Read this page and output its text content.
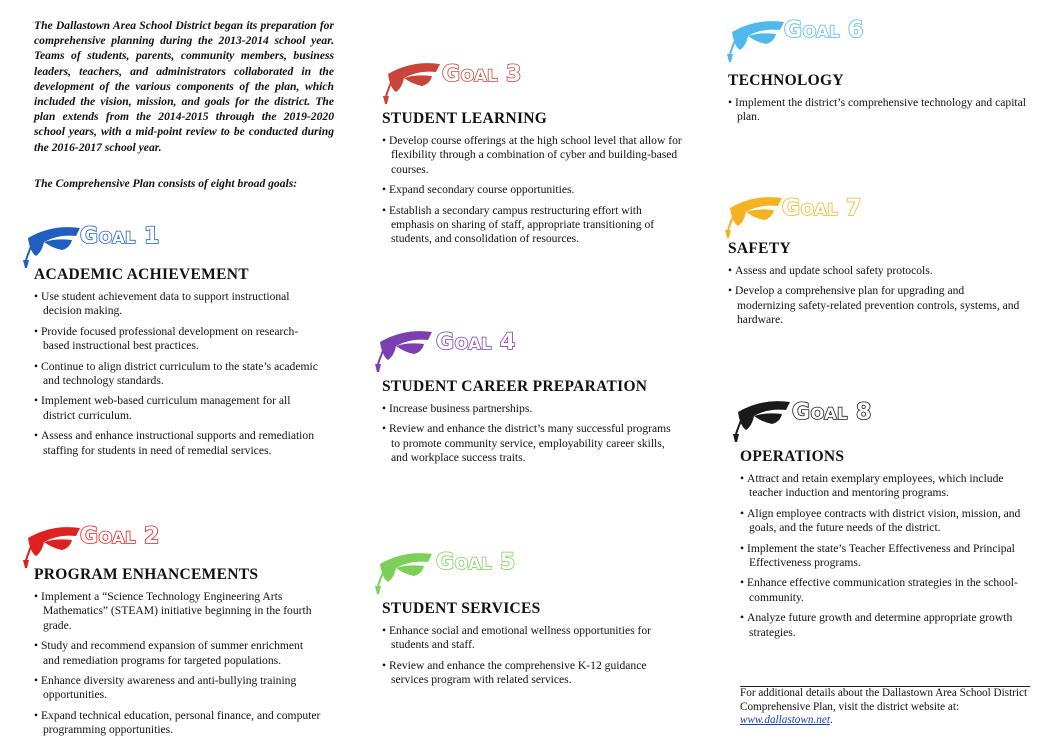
The Dallastown Area School District began its preparation for comprehensive planning during the 2013-2014 school year. Teams of students, parents, community members, business leaders, teachers, and administrators collaborated in the development of the various components of the plan, which included the vision, mission, and goals for the district. The plan extends from the 2014-2015 through the 2019-2020 school years, with a mid-point review to be conducted during the 2016-2017 school year.

The Comprehensive Plan consists of eight broad goals:

GOAL 1
ACADEMIC ACHIEVEMENT
• Use student achievement data to support instructional decision making.
• Provide focused professional development on research-based instructional best practices.
• Continue to align district curriculum to the state’s academic and technology standards.
• Implement web-based curriculum management for all district curriculum.
• Assess and enhance instructional supports and remediation staffing for students in need of remedial services.
GOAL 2
PROGRAM ENHANCEMENTS
• Implement a “Science Technology Engineering Arts Mathematics” (STEAM) initiative beginning in the fourth grade.
• Study and recommend expansion of summer enrichment and remediation programs for targeted populations.
• Enhance diversity awareness and anti-bullying training opportunities.
• Expand technical education, personal finance, and computer programming opportunities.
GOAL 3
STUDENT LEARNING
• Develop course offerings at the high school level that allow for flexibility through a combination of cyber and building-based courses.
• Expand secondary course opportunities.
• Establish a secondary campus restructuring effort with emphasis on sharing of staff, appropriate transitioning of students, and consolidation of resources.
GOAL 4
STUDENT CAREER PREPARATION
• Increase business partnerships.
• Review and enhance the district’s many successful programs to promote community service, employability career skills, and workplace success traits.
GOAL 5
STUDENT SERVICES
• Enhance social and emotional wellness opportunities for students and staff.
• Review and enhance the comprehensive K-12 guidance services program with related services.
GOAL 6
TECHNOLOGY
• Implement the district’s comprehensive technology and capital plan.
GOAL 7
SAFETY
• Assess and update school safety protocols.
• Develop a comprehensive plan for upgrading and modernizing safety-related prevention controls, systems, and hardware.
GOAL 8
OPERATIONS
• Attract and retain exemplary employees, which include teacher induction and mentoring programs.
• Align employee contracts with district vision, mission, and goals, and the future needs of the district.
• Implement the state’s Teacher Effectiveness and Principal Effectiveness programs.
• Enhance effective communication strategies in the school-community.
• Analyze future growth and determine appropriate growth strategies.
For additional details about the Dallastown Area School District Comprehensive Plan, visit the district website at: www.dallastown.net.
